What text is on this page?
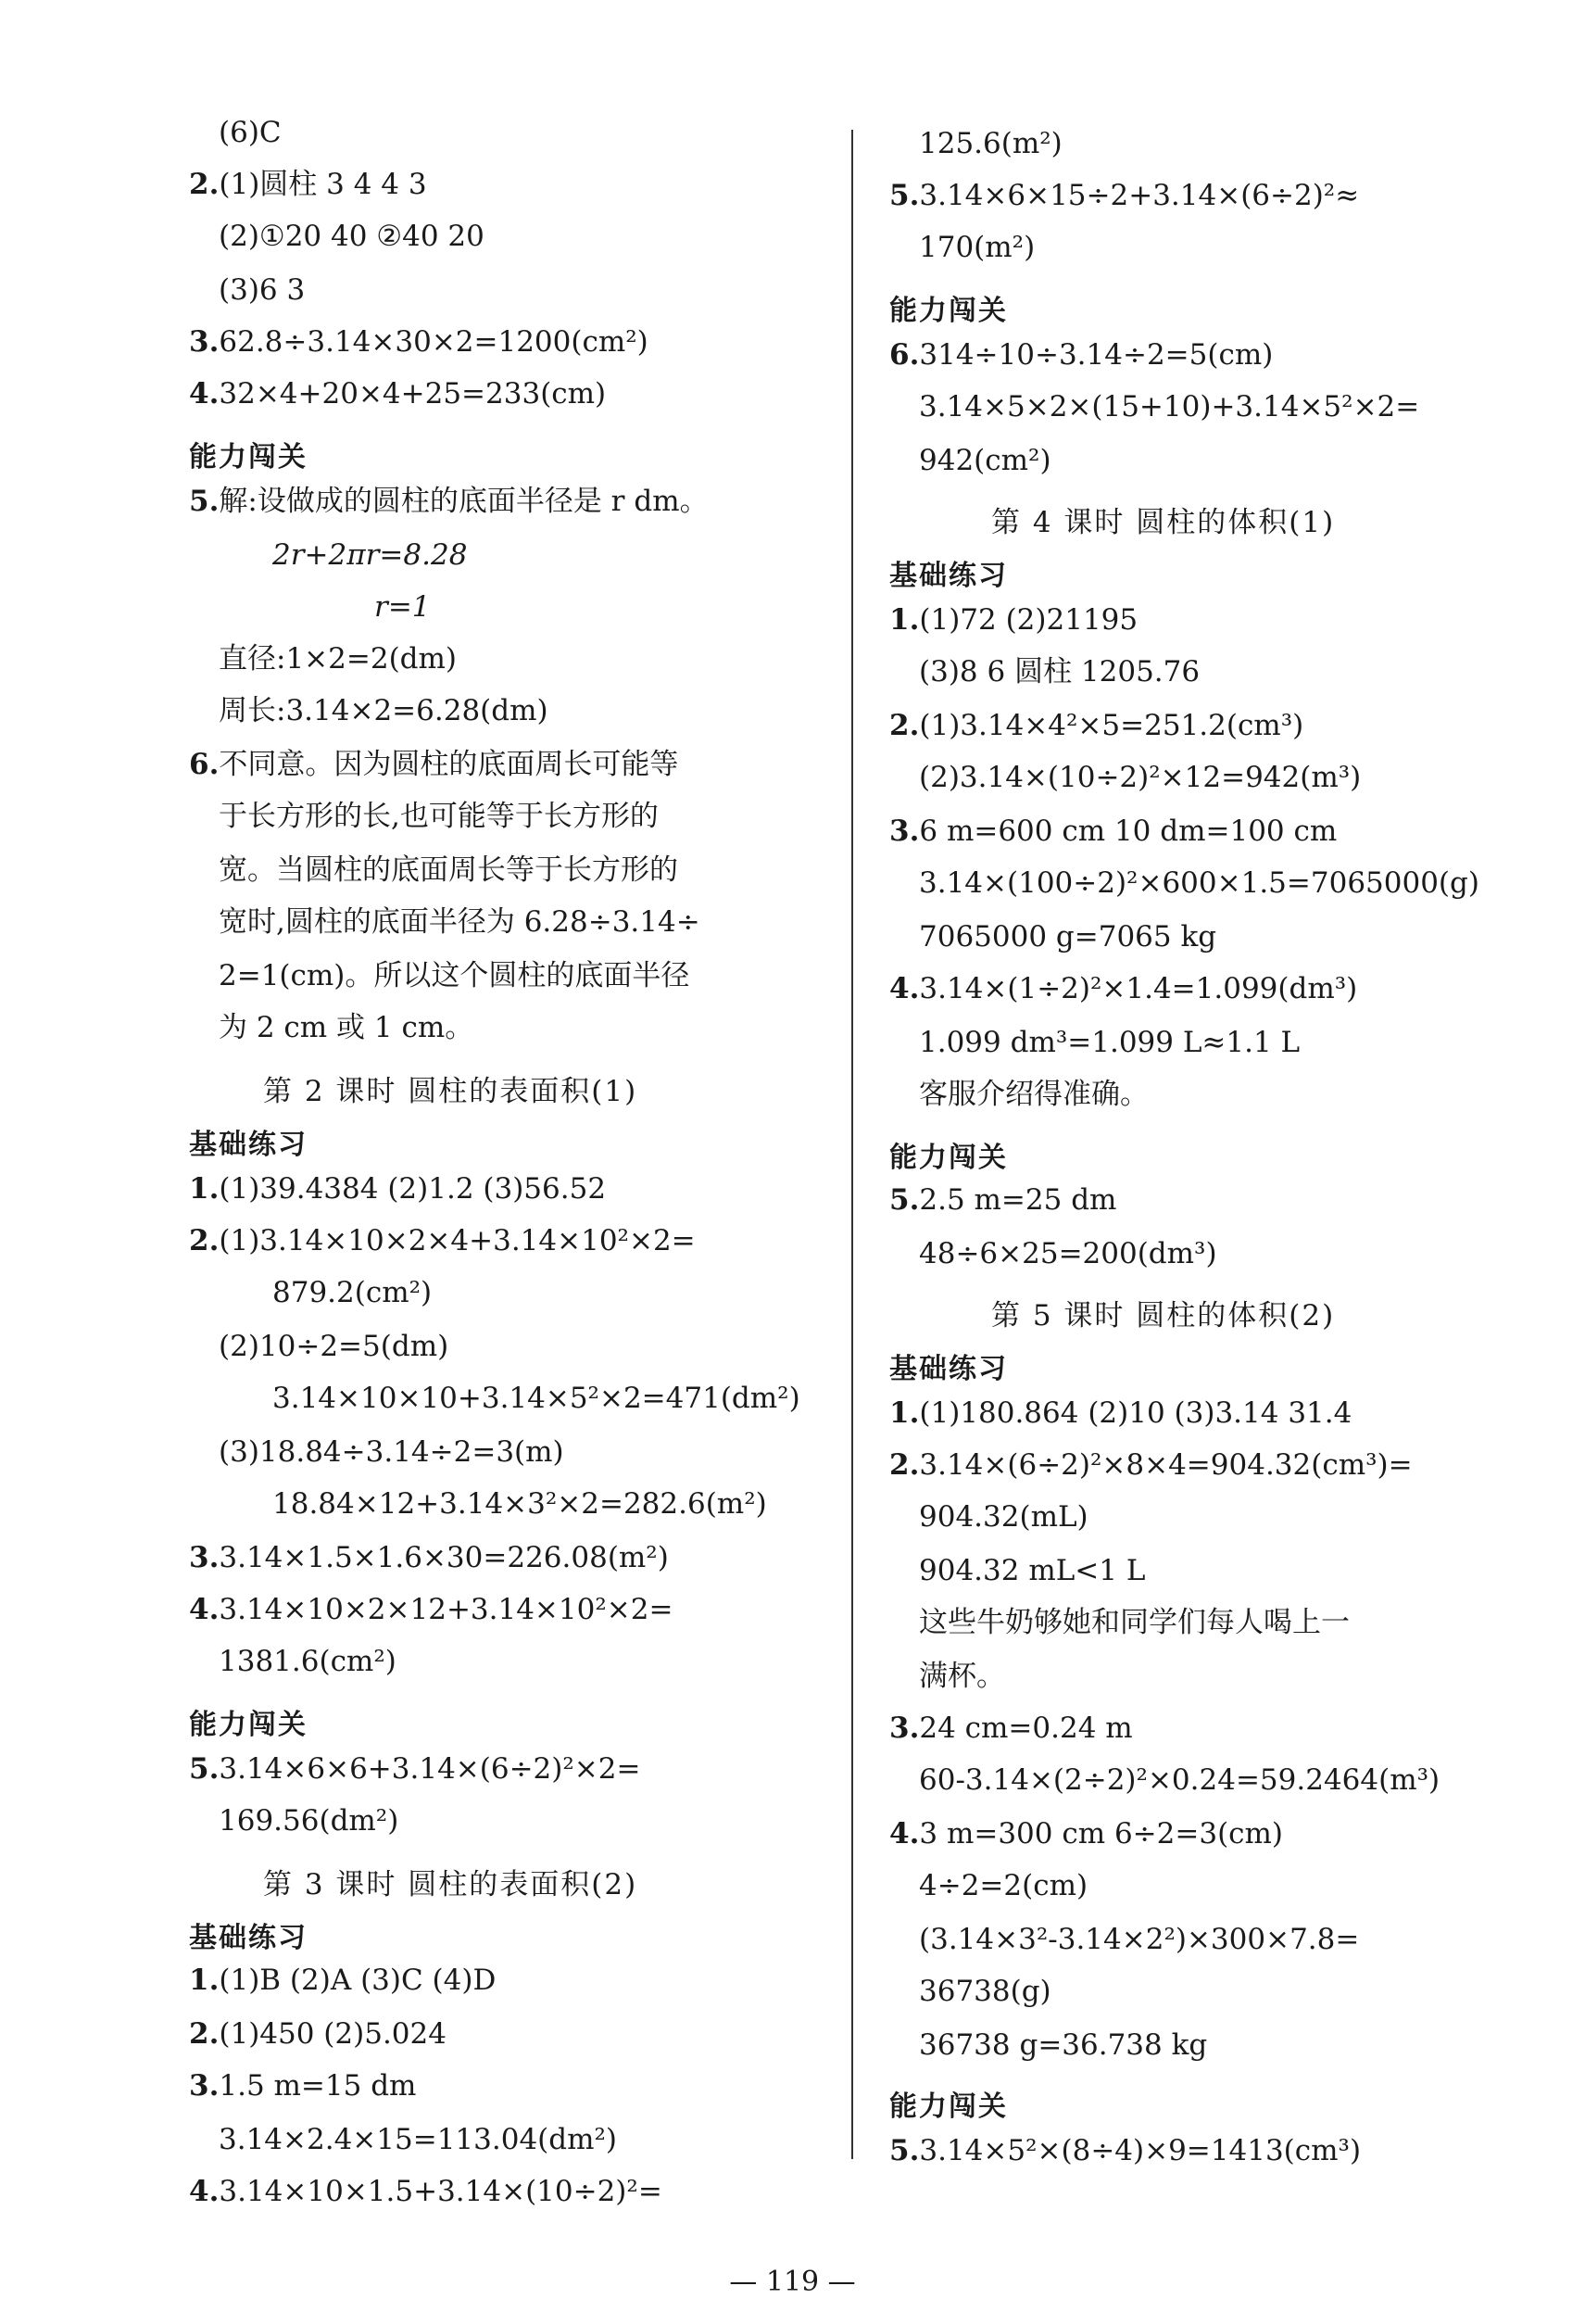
(6)C
2.(1)圆柱 3 4 4 3
(2)①20 40 ②40 20
(3)6 3
3.62.8÷3.14×30×2=1200(cm²)
4.32×4+20×4+25=233(cm)
能力闯关
5.解:设做成的圆柱的底面半径是 r dm。
2r+2πr=8.28
r=1
直径:1×2=2(dm)
周长:3.14×2=6.28(dm)
6.不同意。因为圆柱的底面周长可能等
于长方形的长,也可能等于长方形的
宽。当圆柱的底面周长等于长方形的
宽时,圆柱的底面半径为 6.28÷3.14÷
2=1(cm)。所以这个圆柱的底面半径
为 2 cm 或 1 cm。
第 2 课时 圆柱的表面积(1)
基础练习
1.(1)39.4384 (2)1.2 (3)56.52
2.(1)3.14×10×2×4+3.14×10²×2=
879.2(cm²)
(2)10÷2=5(dm)
3.14×10×10+3.14×5²×2=471(dm²)
(3)18.84÷3.14÷2=3(m)
18.84×12+3.14×3²×2=282.6(m²)
3.3.14×1.5×1.6×30=226.08(m²)
4.3.14×10×2×12+3.14×10²×2=
1381.6(cm²)
能力闯关
5.3.14×6×6+3.14×(6÷2)²×2=
169.56(dm²)
第 3 课时 圆柱的表面积(2)
基础练习
1.(1)B (2)A (3)C (4)D
2.(1)450 (2)5.024
3.1.5 m=15 dm
3.14×2.4×15=113.04(dm²)
4.3.14×10×1.5+3.14×(10÷2)²=
125.6(m²)
5.3.14×6×15÷2+3.14×(6÷2)²≈
170(m²)
能力闯关
6.314÷10÷3.14÷2=5(cm)
3.14×5×2×(15+10)+3.14×5²×2=
942(cm²)
第 4 课时 圆柱的体积(1)
基础练习
1.(1)72 (2)21195
(3)8 6 圆柱 1205.76
2.(1)3.14×4²×5=251.2(cm³)
(2)3.14×(10÷2)²×12=942(m³)
3.6 m=600 cm 10 dm=100 cm
3.14×(100÷2)²×600×1.5=7065000(g)
7065000 g=7065 kg
4.3.14×(1÷2)²×1.4=1.099(dm³)
1.099 dm³=1.099 L≈1.1 L
客服介绍得准确。
能力闯关
5.2.5 m=25 dm
48÷6×25=200(dm³)
第 5 课时 圆柱的体积(2)
基础练习
1.(1)180.864 (2)10 (3)3.14 31.4
2.3.14×(6÷2)²×8×4=904.32(cm³)=
904.32(mL)
904.32 mL<1 L
这些牛奶够她和同学们每人喝上一
满杯。
3.24 cm=0.24 m
60-3.14×(2÷2)²×0.24=59.2464(m³)
4.3 m=300 cm 6÷2=3(cm)
4÷2=2(cm)
(3.14×3²-3.14×2²)×300×7.8=
36738(g)
36738 g=36.738 kg
能力闯关
5.3.14×5²×(8÷4)×9=1413(cm³)
— 119 —
